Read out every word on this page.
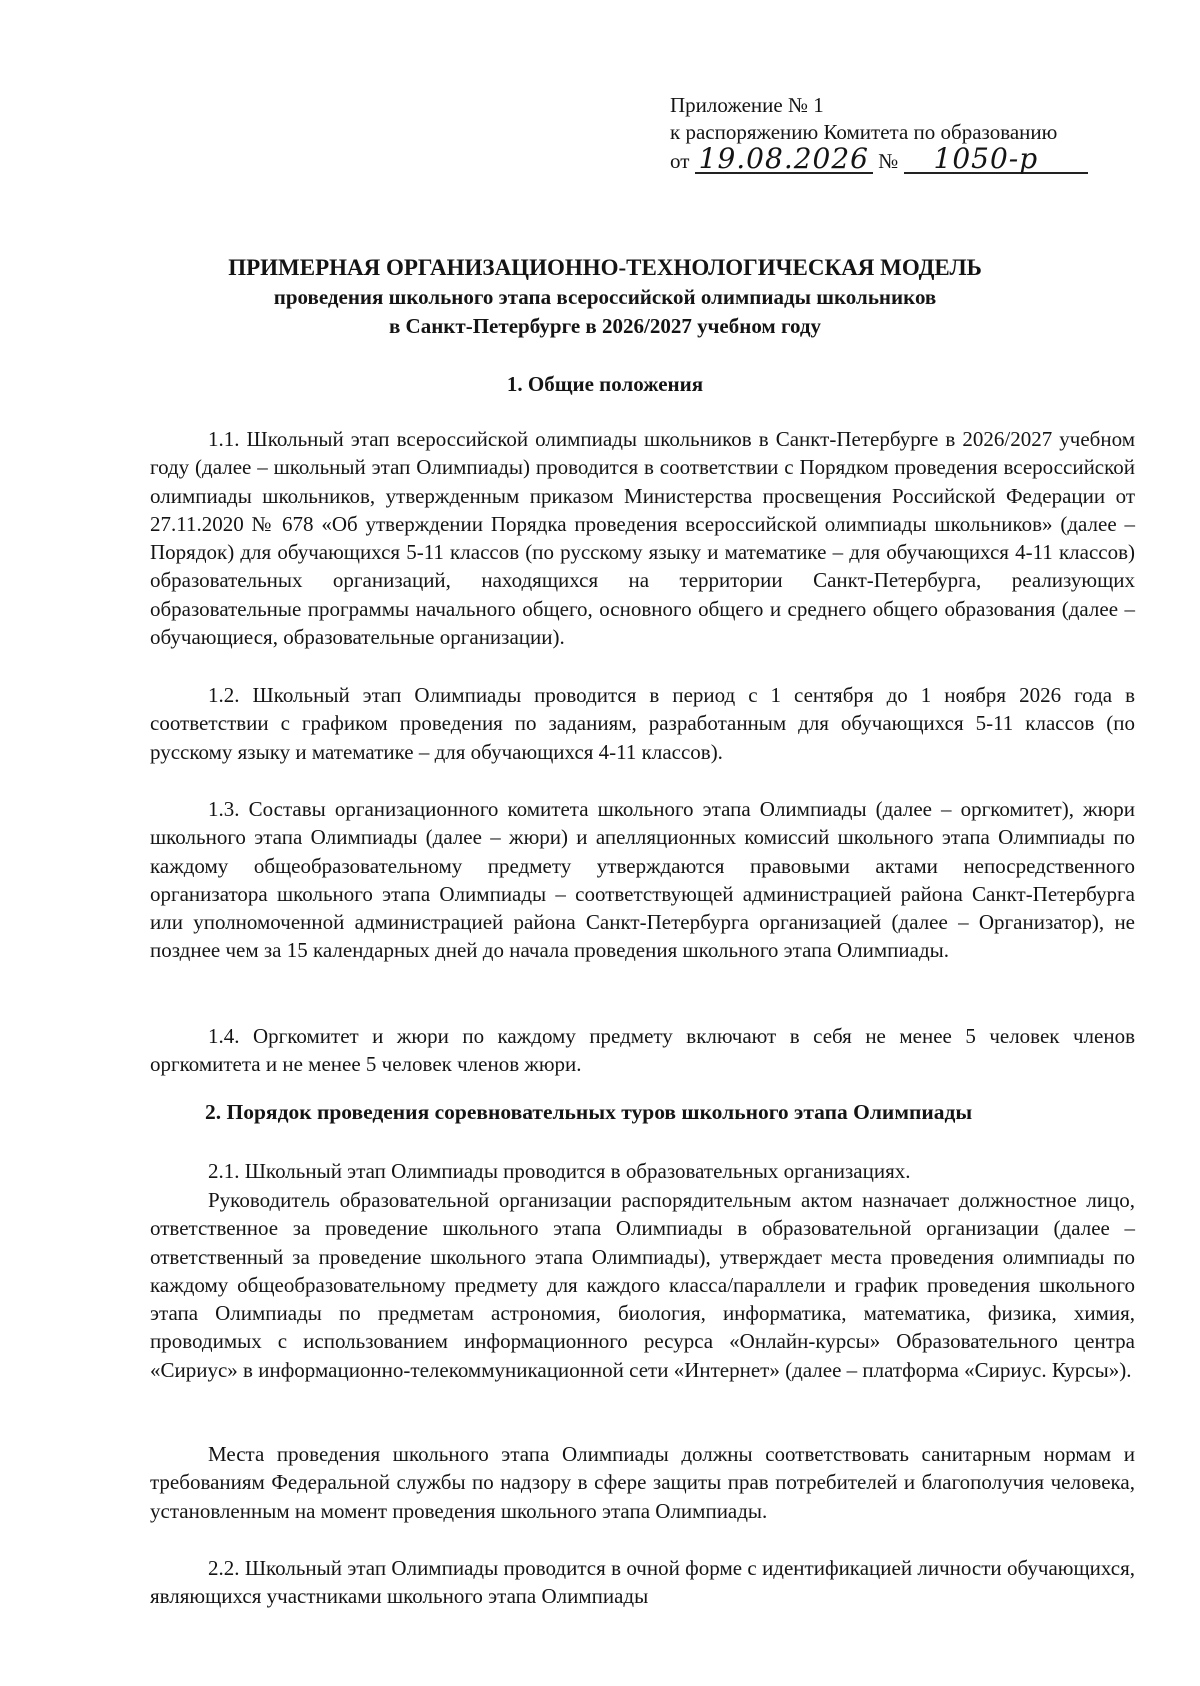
Приложение № 1
к распоряжению Комитета по образованию
от 19.08.2026 № 1050-р
ПРИМЕРНАЯ ОРГАНИЗАЦИОННО-ТЕХНОЛОГИЧЕСКАЯ МОДЕЛЬ
проведения школьного этапа всероссийской олимпиады школьников
в Санкт-Петербурге в 2026/2027 учебном году
1. Общие положения

1.1. Школьный этап всероссийской олимпиады школьников в Санкт-Петербурге в 2026/2027 учебном году (далее – школьный этап Олимпиады) проводится в соответствии с Порядком проведения всероссийской олимпиады школьников, утвержденным приказом Министерства просвещения Российской Федерации от 27.11.2020 № 678 «Об утверждении Порядка проведения всероссийской олимпиады школьников» (далее – Порядок) для обучающихся 5-11 классов (по русскому языку и математике – для обучающихся 4-11 классов) образовательных организаций, находящихся на территории Санкт-Петербурга, реализующих образовательные программы начального общего, основного общего и среднего общего образования (далее – обучающиеся, образовательные организации).

1.2. Школьный этап Олимпиады проводится в период с 1 сентября до 1 ноября 2026 года в соответствии с графиком проведения по заданиям, разработанным для обучающихся 5-11 классов (по русскому языку и математике – для обучающихся 4-11 классов).

1.3. Составы организационного комитета школьного этапа Олимпиады (далее – оргкомитет), жюри школьного этапа Олимпиады (далее – жюри) и апелляционных комиссий школьного этапа Олимпиады по каждому общеобразовательному предмету утверждаются правовыми актами непосредственного организатора школьного этапа Олимпиады – соответствующей администрацией района Санкт-Петербурга или уполномоченной администрацией района Санкт-Петербурга организацией (далее – Организатор), не позднее чем за 15 календарных дней до начала проведения школьного этапа Олимпиады.

1.4. Оргкомитет и жюри по каждому предмету включают в себя не менее 5 человек членов оргкомитета и не менее 5 человек членов жюри.

2. Порядок проведения соревновательных туров школьного этапа Олимпиады

2.1. Школьный этап Олимпиады проводится в образовательных организациях.

Руководитель образовательной организации распорядительным актом назначает должностное лицо, ответственное за проведение школьного этапа Олимпиады в образовательной организации (далее – ответственный за проведение школьного этапа Олимпиады), утверждает места проведения олимпиады по каждому общеобразовательному предмету для каждого класса/параллели и график проведения школьного этапа Олимпиады по предметам астрономия, биология, информатика, математика, физика, химия, проводимых с использованием информационного ресурса «Онлайн-курсы» Образовательного центра «Сириус» в информационно-телекоммуникационной сети «Интернет» (далее – платформа «Сириус. Курсы»).

Места проведения школьного этапа Олимпиады должны соответствовать санитарным нормам и требованиям Федеральной службы по надзору в сфере защиты прав потребителей и благополучия человека, установленным на момент проведения школьного этапа Олимпиады.

2.2. Школьный этап Олимпиады проводится в очной форме с идентификацией личности обучающихся, являющихся участниками школьного этапа Олимпиады
